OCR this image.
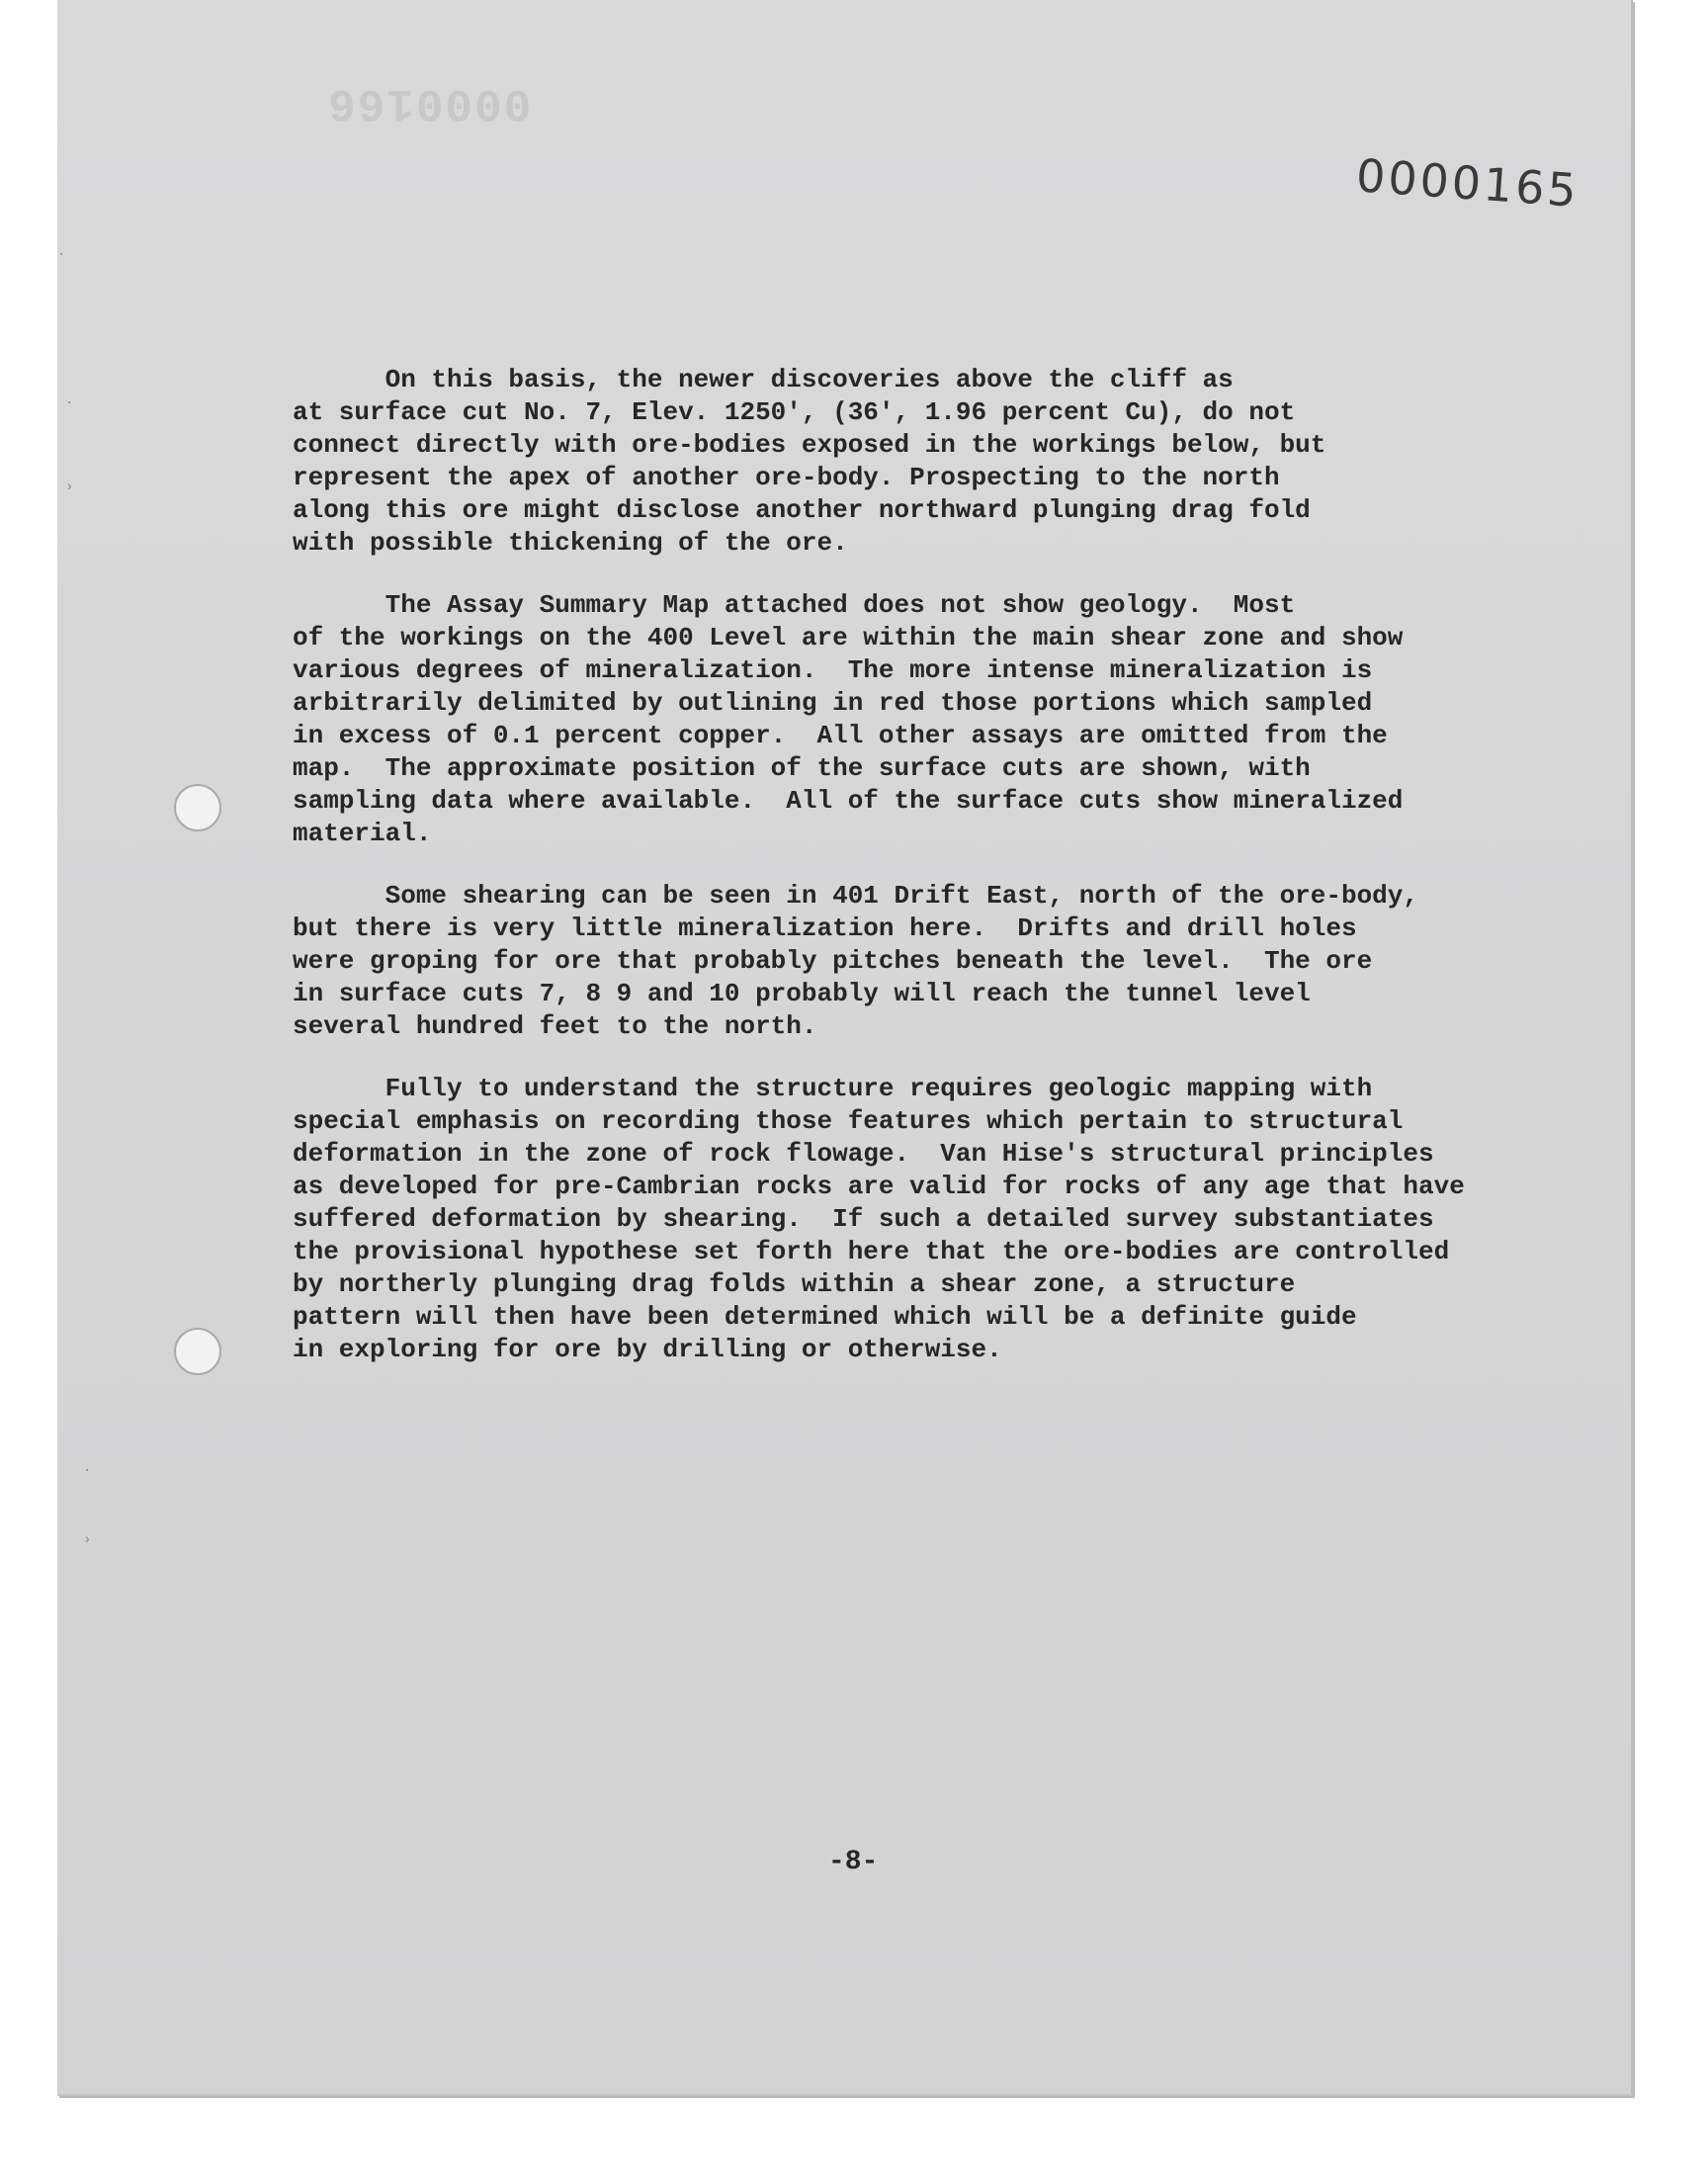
·
·
›
·
›
0000166
0000165
On this basis, the newer discoveries above the cliff as
at surface cut No. 7, Elev. 1250', (36', 1.96 percent Cu), do not
connect directly with ore-bodies exposed in the workings below, but
represent the apex of another ore-body. Prospecting to the north
along this ore might disclose another northward plunging drag fold
with possible thickening of the ore.
The Assay Summary Map attached does not show geology.  Most
of the workings on the 400 Level are within the main shear zone and show
various degrees of mineralization.  The more intense mineralization is
arbitrarily delimited by outlining in red those portions which sampled
in excess of 0.1 percent copper.  All other assays are omitted from the
map.  The approximate position of the surface cuts are shown, with
sampling data where available.  All of the surface cuts show mineralized
material.
Some shearing can be seen in 401 Drift East, north of the ore-body,
but there is very little mineralization here.  Drifts and drill holes
were groping for ore that probably pitches beneath the level.  The ore
in surface cuts 7, 8 9 and 10 probably will reach the tunnel level
several hundred feet to the north.
Fully to understand the structure requires geologic mapping with
special emphasis on recording those features which pertain to structural
deformation in the zone of rock flowage.  Van Hise's structural principles
as developed for pre-Cambrian rocks are valid for rocks of any age that have
suffered deformation by shearing.  If such a detailed survey substantiates
the provisional hypothese set forth here that the ore-bodies are controlled
by northerly plunging drag folds within a shear zone, a structure
pattern will then have been determined which will be a definite guide
in exploring for ore by drilling or otherwise.
-8-
